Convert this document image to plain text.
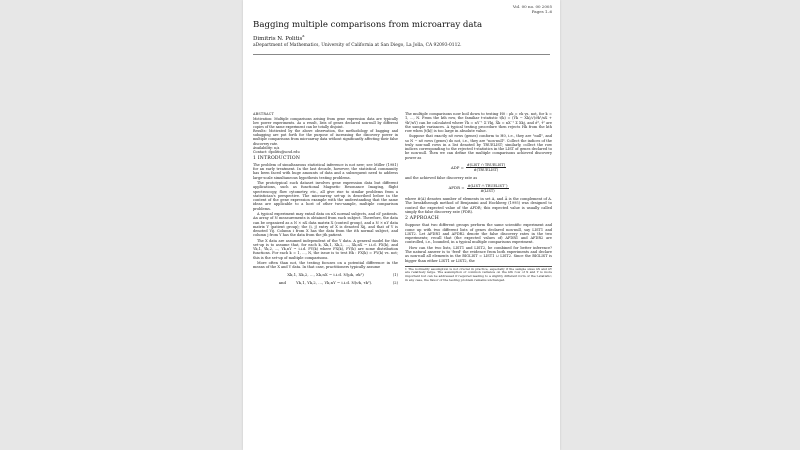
Vol. 00 no. 00 2005
Pages 1–6
Bagging multiple comparisons from microarray data
Dimitris N. Politis$^a$
aDepartment of Mathematics, University of California at San Diego, La Jolla, CA 92093-0112.
ABSTRACT

Motivation: Multiple comparisons arising from gene expression data are typically low power experiments. As a result, lists of genes declared non-null by different copies of the same experiment can be totally disjoint.

Results: Motivated by the above observation, the methodology of bagging and subagging are put forth for the purpose of increasing the discovery power in multiple comparisons from microarray data without significantly affecting their false discovery rate.

Availability: n/a

Contact: dpolitis@ucsd.edu

1 INTRODUCTION

The problem of simultaneous statistical inference is not new; see Miller (1981) for an early treatment. In the last decade, however, the statistical community has been faced with huge amounts of data and a subsequent need to address large-scale simultaneous hypothesis testing problems.

The prototypical such dataset involves gene expression data but different applications, such as functional Magnetic Resonance Imaging, flight spectroscopy, flow cytometry, etc., all give rise to similar problems from a statistician's perspective. The microarray set-up is described below in the context of the gene expression example with the understanding that the same ideas are applicable to a host of other two-sample, multiple comparison problems.

A typical experiment may entail data on nX normal subjects, and nY patients. An array of N measurements is obtained from each subject. Therefore, the data can be organized as a N × nX data matrix X (control group), and a N × nY data matrix Y (patient group); the (i, j) entry of X is denoted Xij, and that of Y is denoted Yij. Column i from X has the data from the ith normal subject, and column j from Y has the data from the jth patient.

The X data are assumed independent of the Y data. A general model for this set-up is to assume that, for each k, Xk,1, Xk,2, ..., Xk,nX ~ i.i.d. FX(k), and Yk,1, Yk,2, ..., Yk,nY ~ i.i.d. FY(k) where FX(k), FY(k) are some distribution functions. For each k = 1, ..., N, the issue is to test Hk : FX(k) = FY(k) vs. not; this is the set-up of multiple comparisons.

More often than not, the testing focuses on a potential difference in the means of the X and Y data. In that case, practitioners typically assume

Xk,1, Xk,2, ..., Xk,nX ~ i.i.d. N(μk, σk²)	(1)
and	Yk,1, Yk,2, ..., Yk,nY ~ i.i.d. N(νk, τk²).	(2)

The multiple comparisons now boil down to testing H0 : μk = νk vs. not, for k = 1, ..., N. From the kth row, the familiar t-statistic t(k) = (Ȳk − X̄k)/√(σ̂k²/nX + τ̂k²/nY) can be calculated where Ȳk = nY⁻¹ Σ Ykj, X̄k = nX⁻¹ Σ Xkj, and σ̂², τ̂² are the sample variances. A typical testing procedure then rejects Hk from the kth row when |t(k)| is too large in absolute value.

Suppose that exactly n0 rows (genes) conform to H0, i.e., they are "null", and so N − n0 rows (genes) do not, i.e., they are "non-null". Collect the indices of the truly non-null rows in a list denoted by TRUELIST; similarly, collect the row indices corresponding to the rejected t-statistics in the LIST of genes declared to be non-null. Then we can define the multiple comparisons achieved discovery power as

ADP = $\frac{\text{\#(LIST ∩ TRUELIST)}}{\text{\#(TRUELIST)}}$

and the achieved false discovery rate as

AFDR = $\frac{\text{\#(LIST ∩ TRUELIST‾)}}{\text{\#(LIST)}}$

where #(A) denotes number of elements in set A, and Ā is the complement of A. The breakthrough method of Benjamini and Hochberg (1995) was designed to control the expected value of the AFDR; this expected value is usually called simply the false discovery rate (FDR).

2 APPROACH

Suppose that two different groups perform the same scientific experiment and come up with two different lists of genes declared non-null, say LIST1 and LIST2. Let AFDR1 and AFDR2 denote the false discovery rates in the two experiments; recall that (the expected values of) AFDR1 and AFDR2 are controlled, i.e., bounded, in a typical multiple comparisons experiment.

How can the two lists, LIST1 and LIST2, be combined for better inference? The natural answer is to 'feed' the evidence from both experiments and declare as non-null all elements in the BIGLIST = LIST1 ∪ LIST2. Since the BIGLIST is bigger than either LIST1 or LIST2, the

1 The normality assumption is not crucial in practice, especially if the sample sizes nX and nY are relatively large. The assumption of common variance on the kth row of X and Y is more important but can be addressed if required leading to a slightly different form of the t-statistic; in any case, the flavor of the testing problem remains unchanged.
